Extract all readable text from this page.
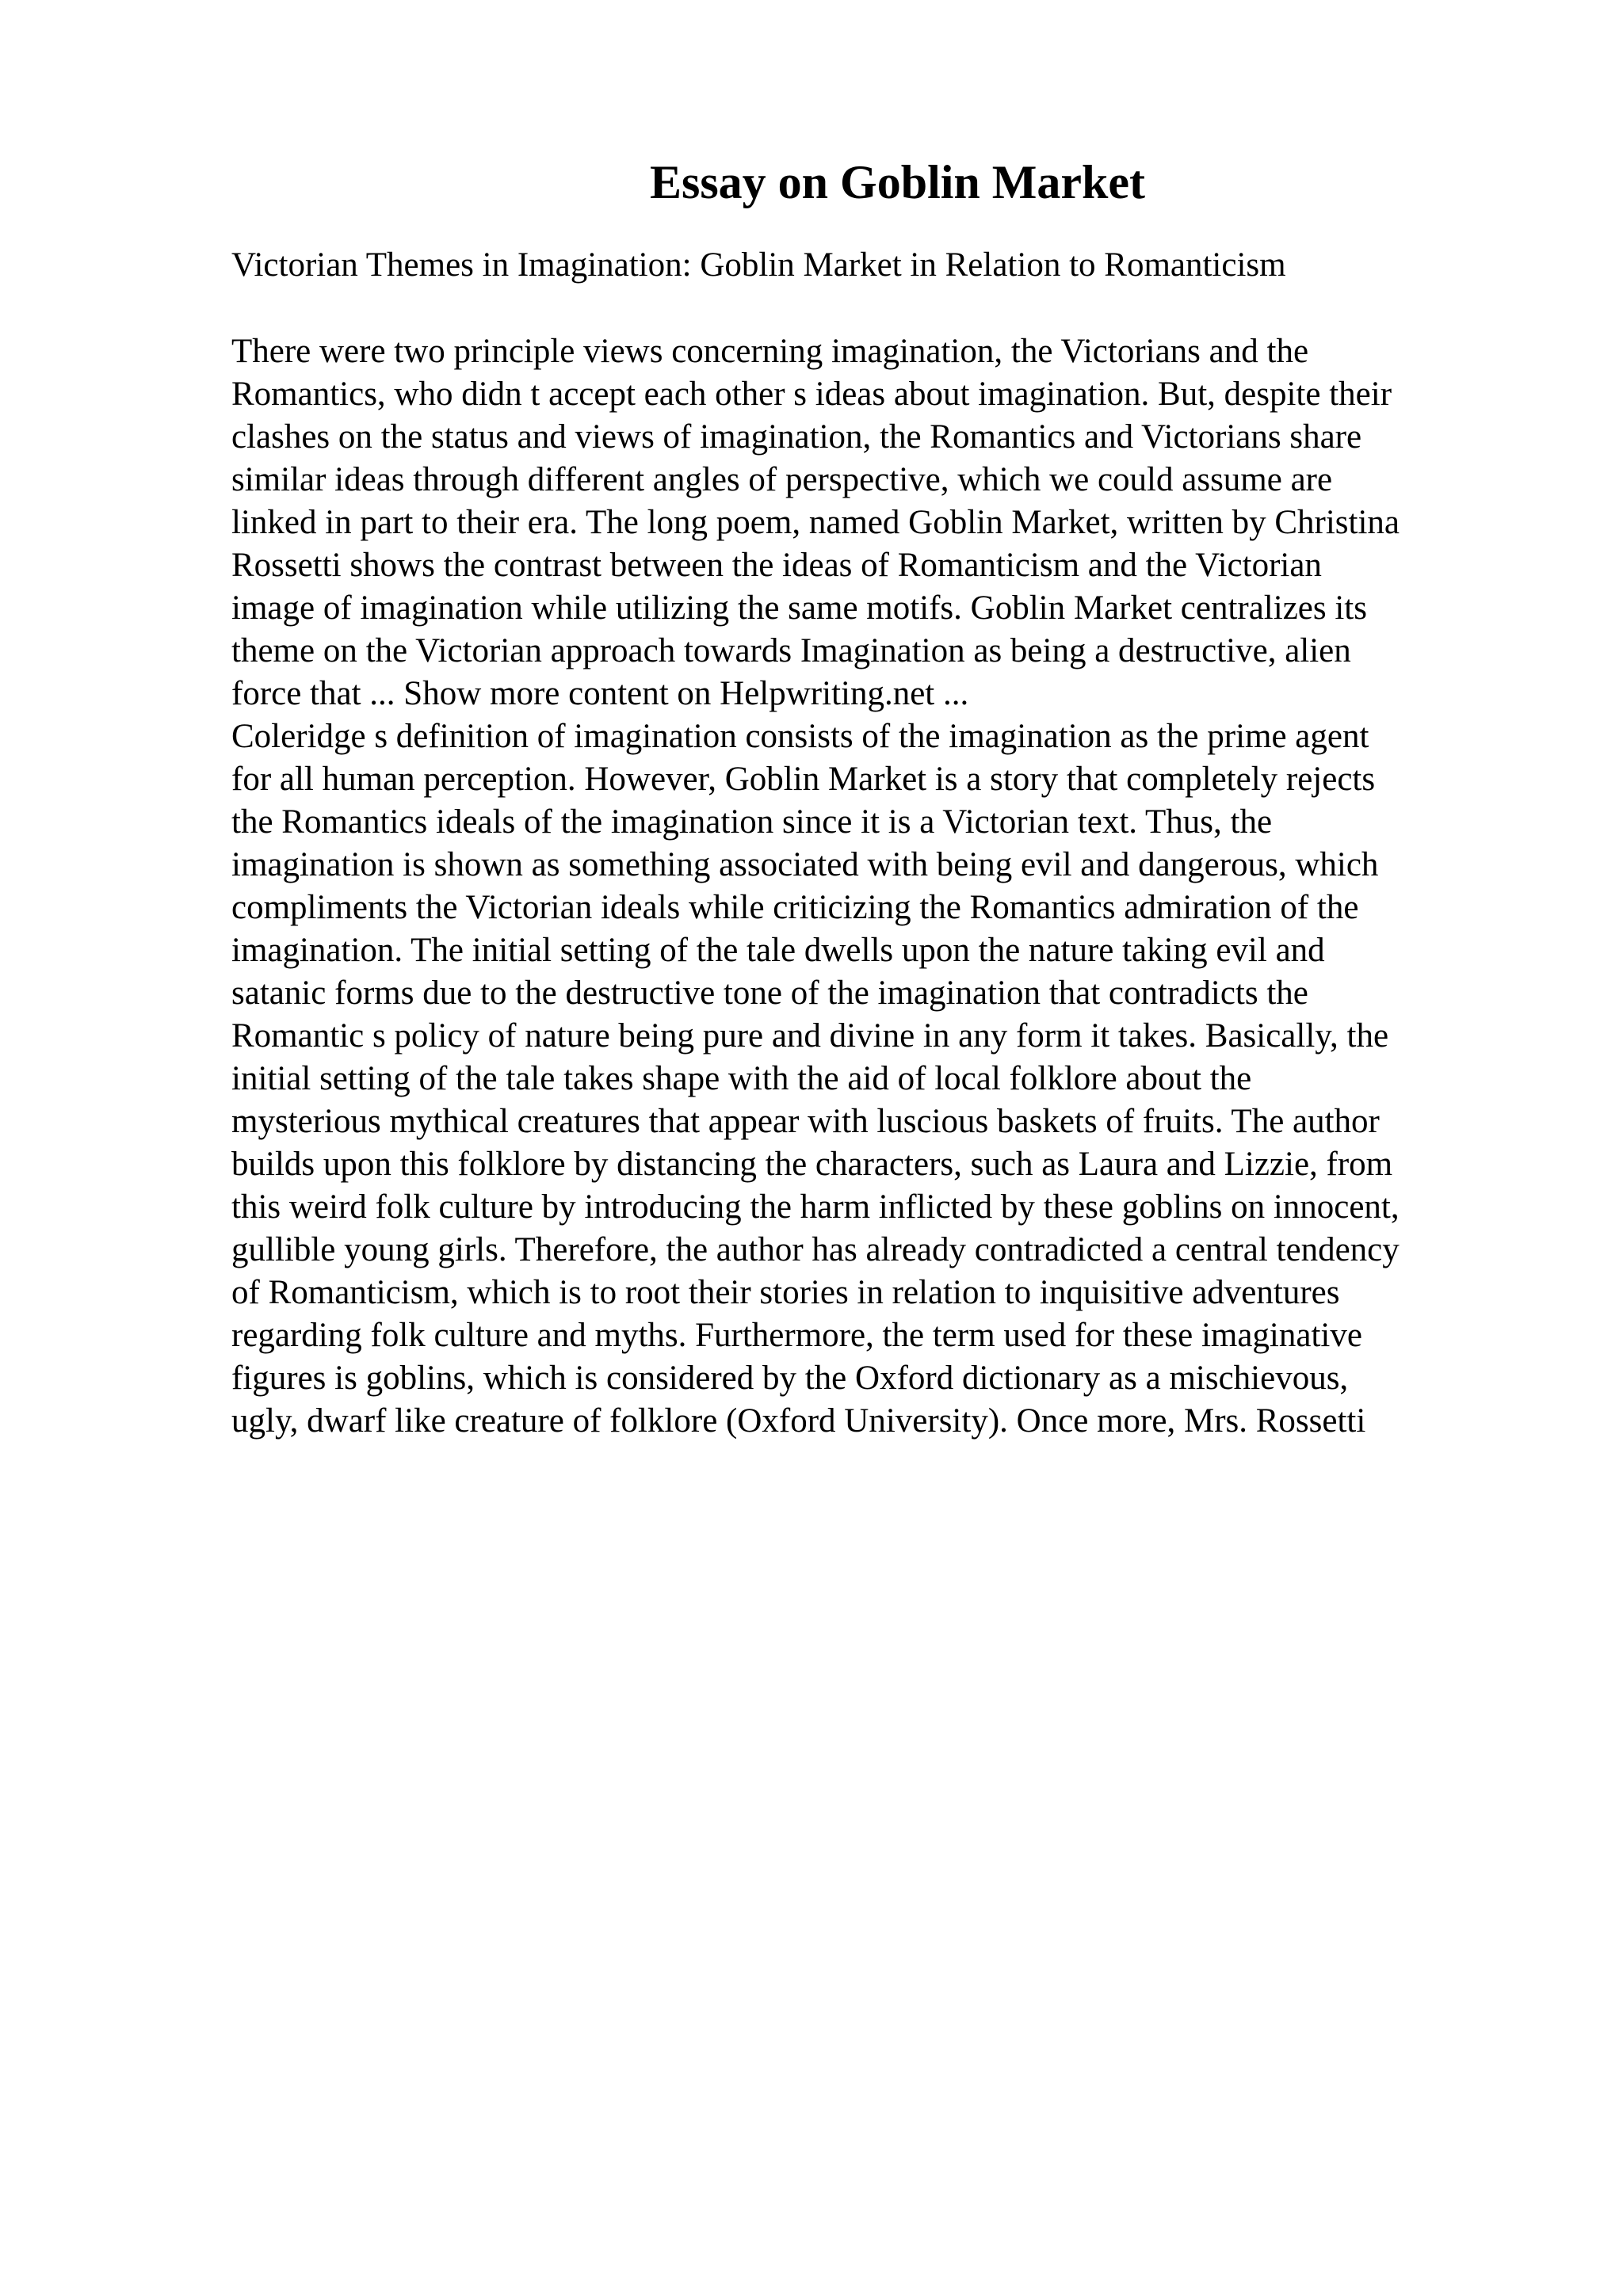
Essay on Goblin Market

Victorian Themes in Imagination: Goblin Market in Relation to Romanticism

There were two principle views concerning imagination, the Victorians and the
Romantics, who didn t accept each other s ideas about imagination. But, despite their
clashes on the status and views of imagination, the Romantics and Victorians share
similar ideas through different angles of perspective, which we could assume are
linked in part to their era. The long poem, named Goblin Market, written by Christina
Rossetti shows the contrast between the ideas of Romanticism and the Victorian
image of imagination while utilizing the same motifs. Goblin Market centralizes its
theme on the Victorian approach towards Imagination as being a destructive, alien
force that ... Show more content on Helpwriting.net ...
Coleridge s definition of imagination consists of the imagination as the prime agent
for all human perception. However, Goblin Market is a story that completely rejects
the Romantics ideals of the imagination since it is a Victorian text. Thus, the
imagination is shown as something associated with being evil and dangerous, which
compliments the Victorian ideals while criticizing the Romantics admiration of the
imagination. The initial setting of the tale dwells upon the nature taking evil and
satanic forms due to the destructive tone of the imagination that contradicts the
Romantic s policy of nature being pure and divine in any form it takes. Basically, the
initial setting of the tale takes shape with the aid of local folklore about the
mysterious mythical creatures that appear with luscious baskets of fruits. The author
builds upon this folklore by distancing the characters, such as Laura and Lizzie, from
this weird folk culture by introducing the harm inflicted by these goblins on innocent,
gullible young girls. Therefore, the author has already contradicted a central tendency
of Romanticism, which is to root their stories in relation to inquisitive adventures
regarding folk culture and myths. Furthermore, the term used for these imaginative
figures is goblins, which is considered by the Oxford dictionary as a mischievous,
ugly, dwarf like creature of folklore (Oxford University). Once more, Mrs. Rossetti
